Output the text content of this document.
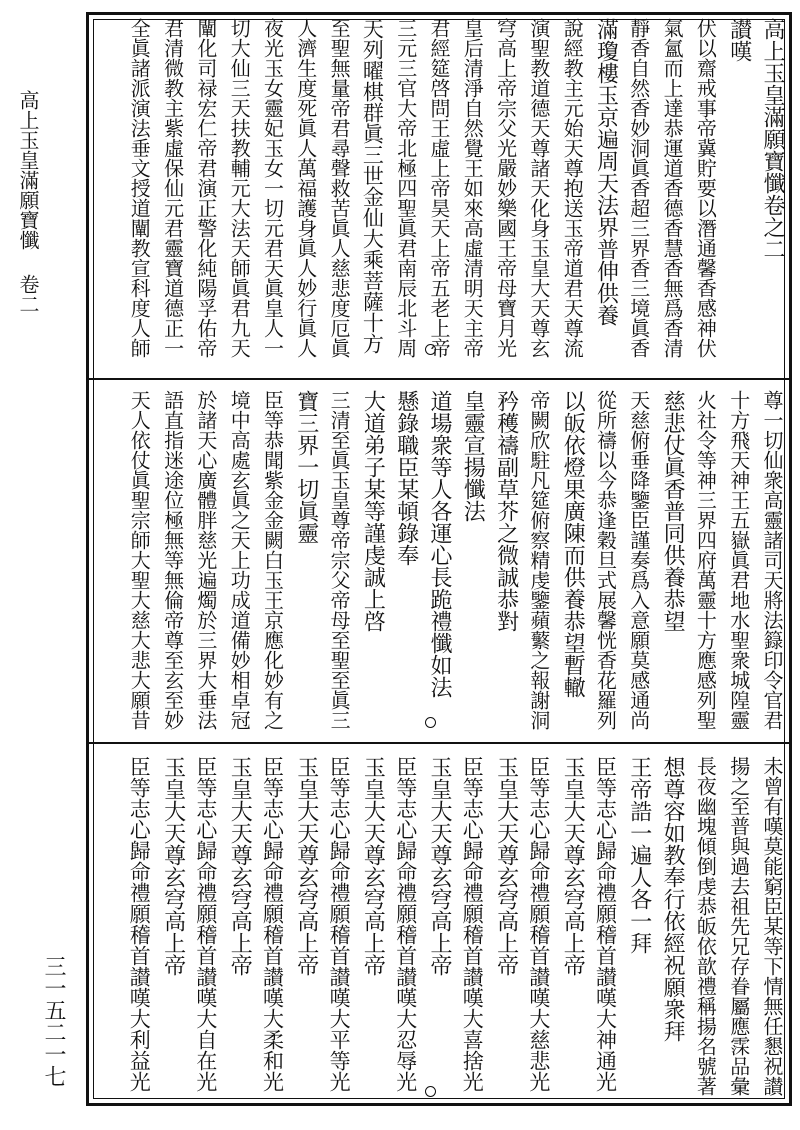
高上玉皇滿願寶懺 卷二
三一五二一七
高上玉皇滿願寶懺卷之二
讃嘆
伏以齋戒事帝冀貯要以潛通馨香感神伏
氣氳而上達恭運道香德香慧香無爲香清
靜香自然香妙洞眞香超三界香三境眞香
滿瓊樓玉京遍周天法界普伸供養
說經教主元始天尊抱送玉帝道君天尊流
演聖教道德天尊諸天化身玉皇大天尊玄
穹高上帝宗父光嚴妙樂國王帝母寶月光
皇后清淨自然覺王如來高虛清明天主帝
君經筵啓問王虛上帝昊天上帝五老上帝
三元三官大帝北極四聖眞君南辰北斗周
天列曜棋群眞三世金仙大乘菩薩十方
至聖無量帝君尋聲救苦眞人慈悲度厄眞
人濟生度死眞人萬福護身眞人妙行眞人
夜光玉女靈妃玉女一切元君天眞皇人一
切大仙三天扶教輔元大法天師眞君九天
闡化司禄宏仁帝君演正警化純陽孚佑帝
君清微教主紫虛保仙元君靈寶道德正一
全眞諸派演法垂文授道闡教宣科度人師
尊一切仙衆高靈諸司天將法籙印令官君
十方飛天神王五嶽眞君地水聖衆城隍靈
火社令等神三界四府萬靈十方應感列聖
慈悲仗眞香普同供養恭望
天慈俯垂降鑒臣謹奏爲入意願莫感通尚
從所禱以今恭逢穀旦式展馨恍香花羅列
以皈依燈果廣陳而供養恭望暫轍
帝闕欣駐凡筵俯察精虔鑒蘋蘩之報謝洞
矜穫禱副草芥之微誠恭對
皇靈宣揚懺法
道場衆等人各運心長跪禮懺如法
懸錄職臣某頓錄奉
大道弟子某等謹虔誠上啓
三清至眞玉皇尊帝宗父帝母至聖至眞三
寶三界一切眞靈
臣等恭聞紫金金闕白玉王京應化妙有之
境中高處玄眞之天上功成道備妙相卓冠
於諸天心廣體胖慈光遍燭於三界大垂法
語直指迷途位極無等無倫帝尊至玄至妙
天人依仗眞聖宗師大聖大慈大悲大願昔
未曾有嘆莫能窮臣某等下情無任懇祝讃
揚之至普與過去祖先兄存眷屬應霂品彙
長夜幽塊傾倒虔恭皈依歆禮稱揚名號著
想尊容如教奉行依經祝願衆拜
王帝誥一遍人各一拜
臣等志心歸命禮願稽首讃嘆大神通光
玉皇大天尊玄穹高上帝
臣等志心歸命禮願稽首讃嘆大慈悲光
玉皇大天尊玄穹高上帝
臣等志心歸命禮願稽首讃嘆大喜捨光
玉皇大天尊玄穹高上帝
臣等志心歸命禮願稽首讃嘆大忍辱光
玉皇大天尊玄穹高上帝
臣等志心歸命禮願稽首讃嘆大平等光
玉皇大天尊玄穹高上帝
臣等志心歸命禮願稽首讃嘆大柔和光
玉皇大天尊玄穹高上帝
臣等志心歸命禮願稽首讃嘆大自在光
玉皇大天尊玄穹高上帝
臣等志心歸命禮願稽首讃嘆大利益光
